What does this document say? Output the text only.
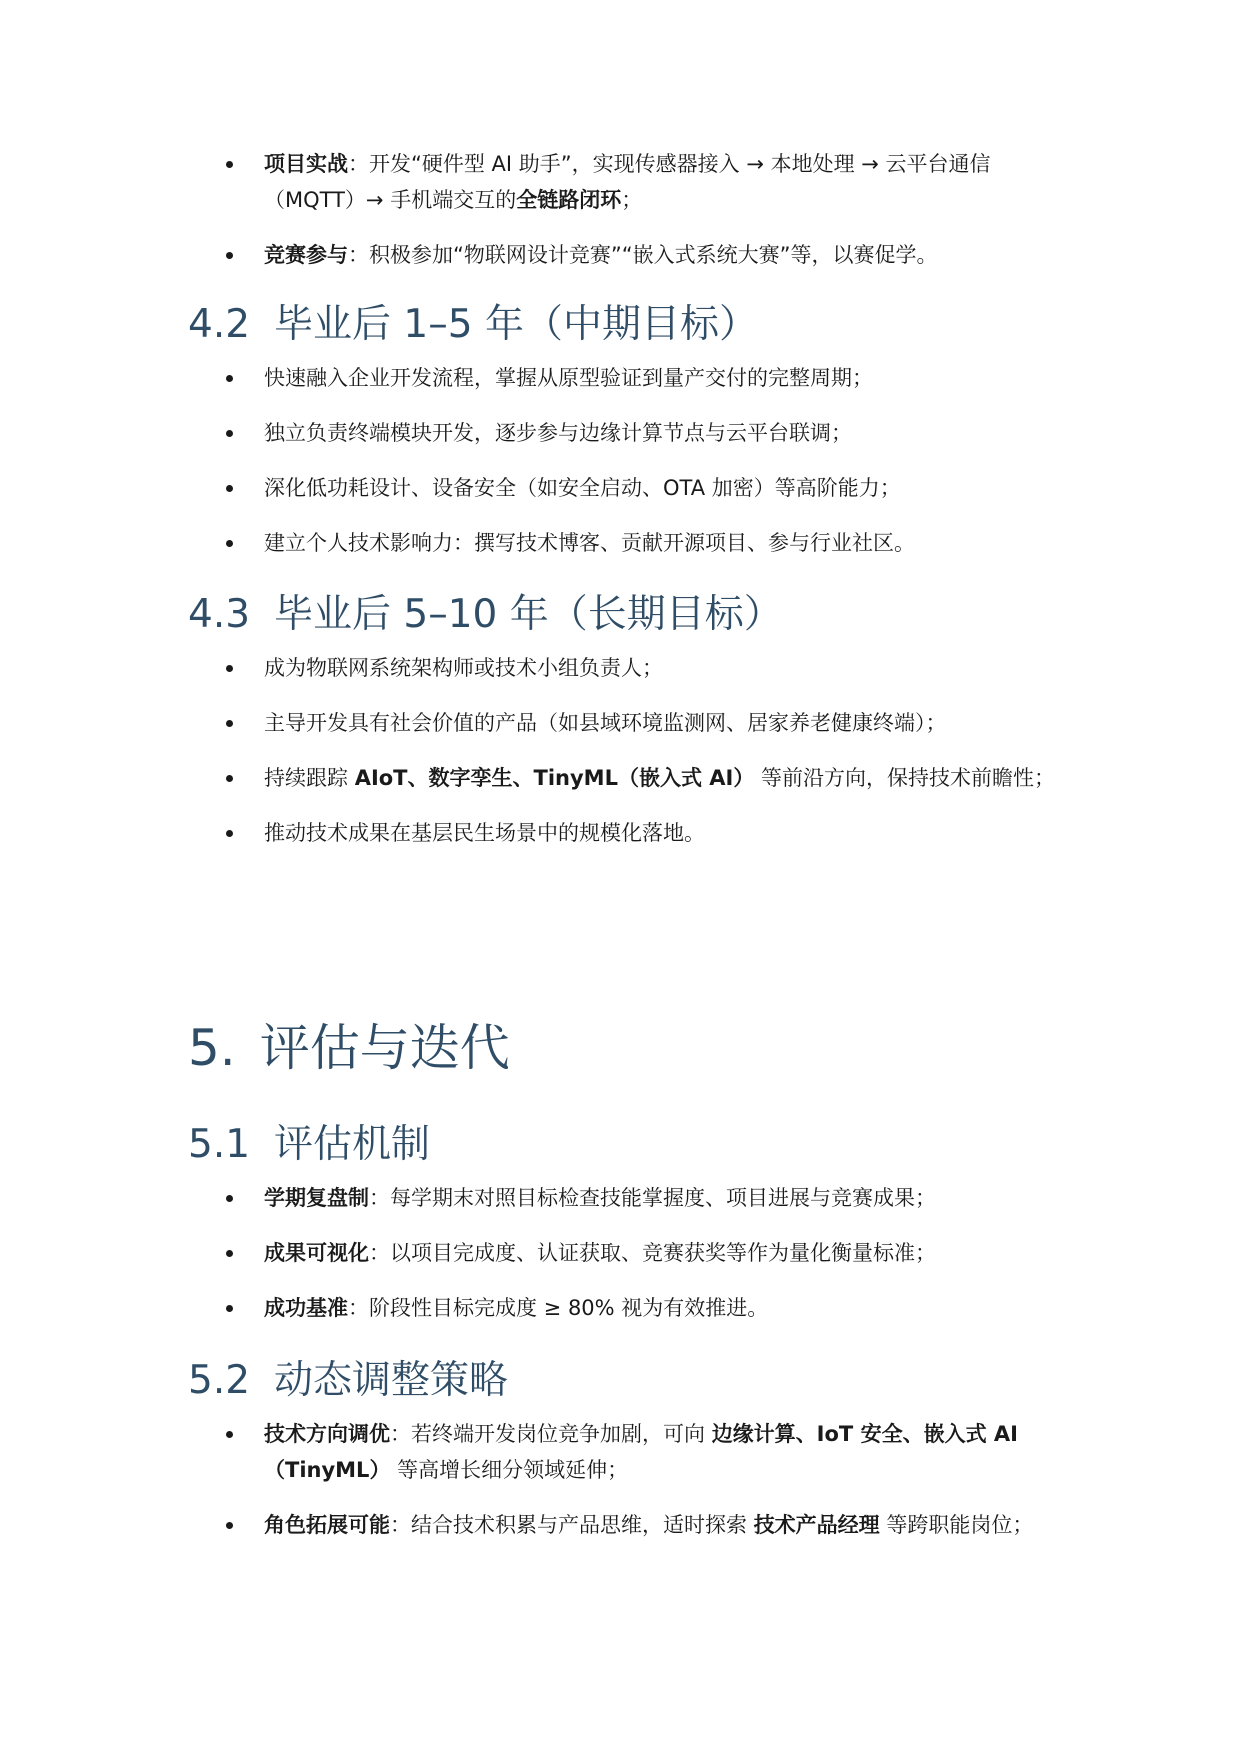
项目实战：开发“硬件型 AI 助手”，实现传感器接入 → 本地处理 → 云平台通信（MQTT）→ 手机端交互的全链路闭环；
竞赛参与：积极参加“物联网设计竞赛”“嵌入式系统大赛”等，以赛促学。
4.2 毕业后 1–5 年（中期目标）
快速融入企业开发流程，掌握从原型验证到量产交付的完整周期；
独立负责终端模块开发，逐步参与边缘计算节点与云平台联调；
深化低功耗设计、设备安全（如安全启动、OTA 加密）等高阶能力；
建立个人技术影响力：撰写技术博客、贡献开源项目、参与行业社区。
4.3 毕业后 5–10 年（长期目标）
成为物联网系统架构师或技术小组负责人；
主导开发具有社会价值的产品（如县域环境监测网、居家养老健康终端）；
持续跟踪 AIoT、数字孪生、TinyML（嵌入式 AI） 等前沿方向，保持技术前瞻性；
推动技术成果在基层民生场景中的规模化落地。
5. 评估与迭代
5.1 评估机制
学期复盘制：每学期末对照目标检查技能掌握度、项目进展与竞赛成果；
成果可视化：以项目完成度、认证获取、竞赛获奖等作为量化衡量标准；
成功基准：阶段性目标完成度 ≥ 80% 视为有效推进。
5.2 动态调整策略
技术方向调优：若终端开发岗位竞争加剧，可向 边缘计算、IoT 安全、嵌入式 AI（TinyML） 等高增长细分领域延伸；
角色拓展可能：结合技术积累与产品思维，适时探索 技术产品经理 等跨职能岗位；
